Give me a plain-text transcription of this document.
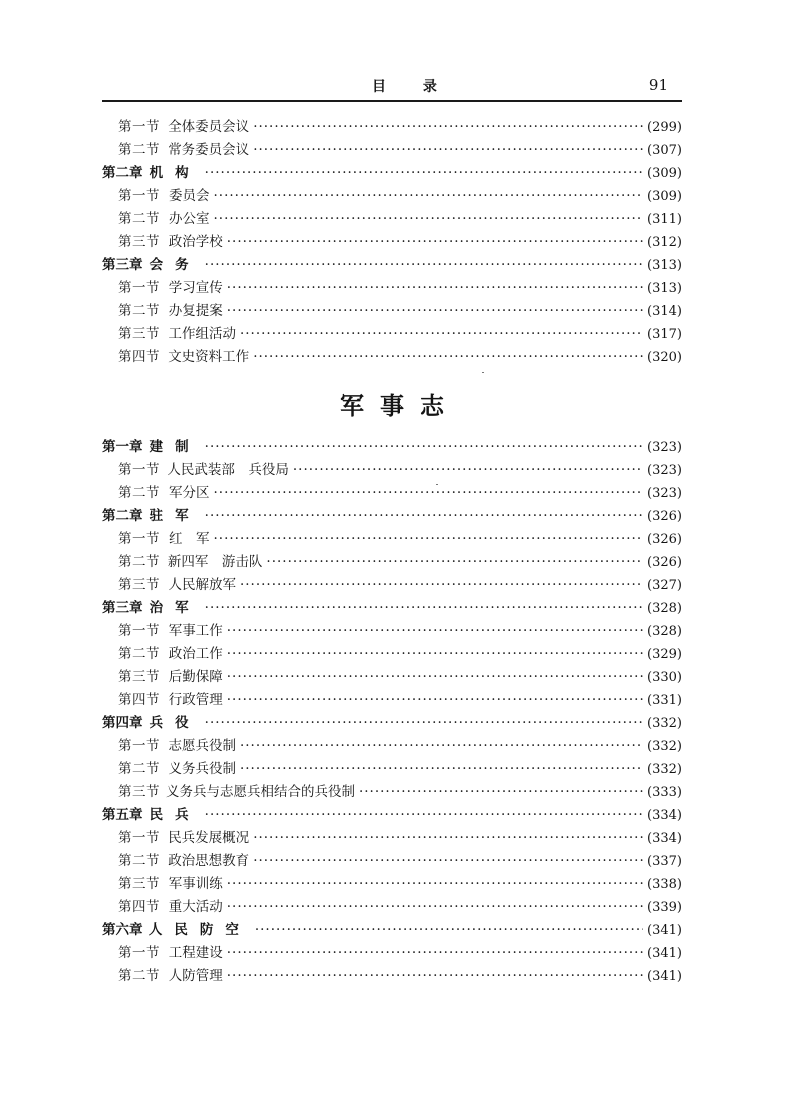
目 录	91
第一节 全体委员会议 ·····	(299)
第二节 常务委员会议 ·····	(307)
第二章 机构 ·····	(309)
第一节 委员会 ·····	(309)
第二节 办公室 ·····	(311)
第三节 政治学校 ·····	(312)
第三章 会务 ·····	(313)
第一节 学习宣传 ·····	(313)
第二节 办复提案 ·····	(314)
第三节 工作组活动 ·····	(317)
第四节 文史资料工作 ·····	(320)
军事志
第一章 建制 ·····	(323)
第一节 人民武装部　兵役局 ·····	(323)
第二节 军分区 ·····	(323)
第二章 驻军 ·····	(326)
第一节 红　军 ·····	(326)
第二节 新四军　游击队 ·····	(326)
第三节 人民解放军 ·····	(327)
第三章 治军 ·····	(328)
第一节 军事工作 ·····	(328)
第二节 政治工作 ·····	(329)
第三节 后勤保障 ·····	(330)
第四节 行政管理 ·····	(331)
第四章 兵役 ·····	(332)
第一节 志愿兵役制 ·····	(332)
第二节 义务兵役制 ·····	(332)
第三节 义务兵与志愿兵相结合的兵役制 ·····	(333)
第五章 民兵 ·····	(334)
第一节 民兵发展概况 ·····	(334)
第二节 政治思想教育 ·····	(337)
第三节 军事训练 ·····	(338)
第四节 重大活动 ·····	(339)
第六章 人民防空 ·····	(341)
第一节 工程建设 ·····	(341)
第二节 人防管理 ·····	(341)
